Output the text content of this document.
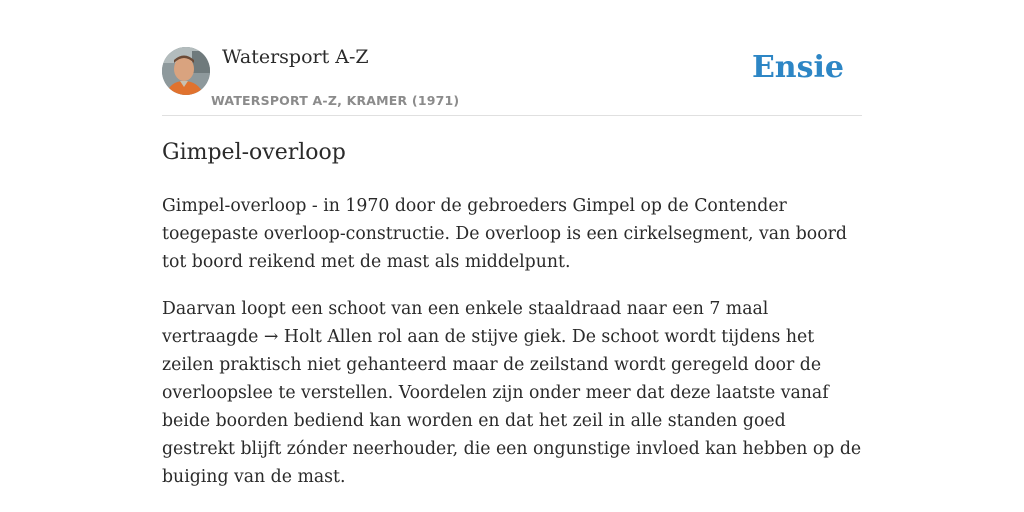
Watersport A-Z
WATERSPORT A-Z, KRAMER (1971)
Ensie
Gimpel-overloop

Gimpel-overloop - in 1970 door de gebroeders Gimpel op de Contender toegepaste overloop-constructie. De overloop is een cirkelsegment, van boord tot boord reikend met de mast als middelpunt.

Daarvan loopt een schoot van een enkele staaldraad naar een 7 maal vertraagde → Holt Allen rol aan de stijve giek. De schoot wordt tijdens het zeilen praktisch niet gehanteerd maar de zeilstand wordt geregeld door de overloopslee te verstellen. Voordelen zijn onder meer dat deze laatste vanaf beide boorden bediend kan worden en dat het zeil in alle standen goed gestrekt blijft zónder neerhouder, die een ongunstige invloed kan hebben op de buiging van de mast.
